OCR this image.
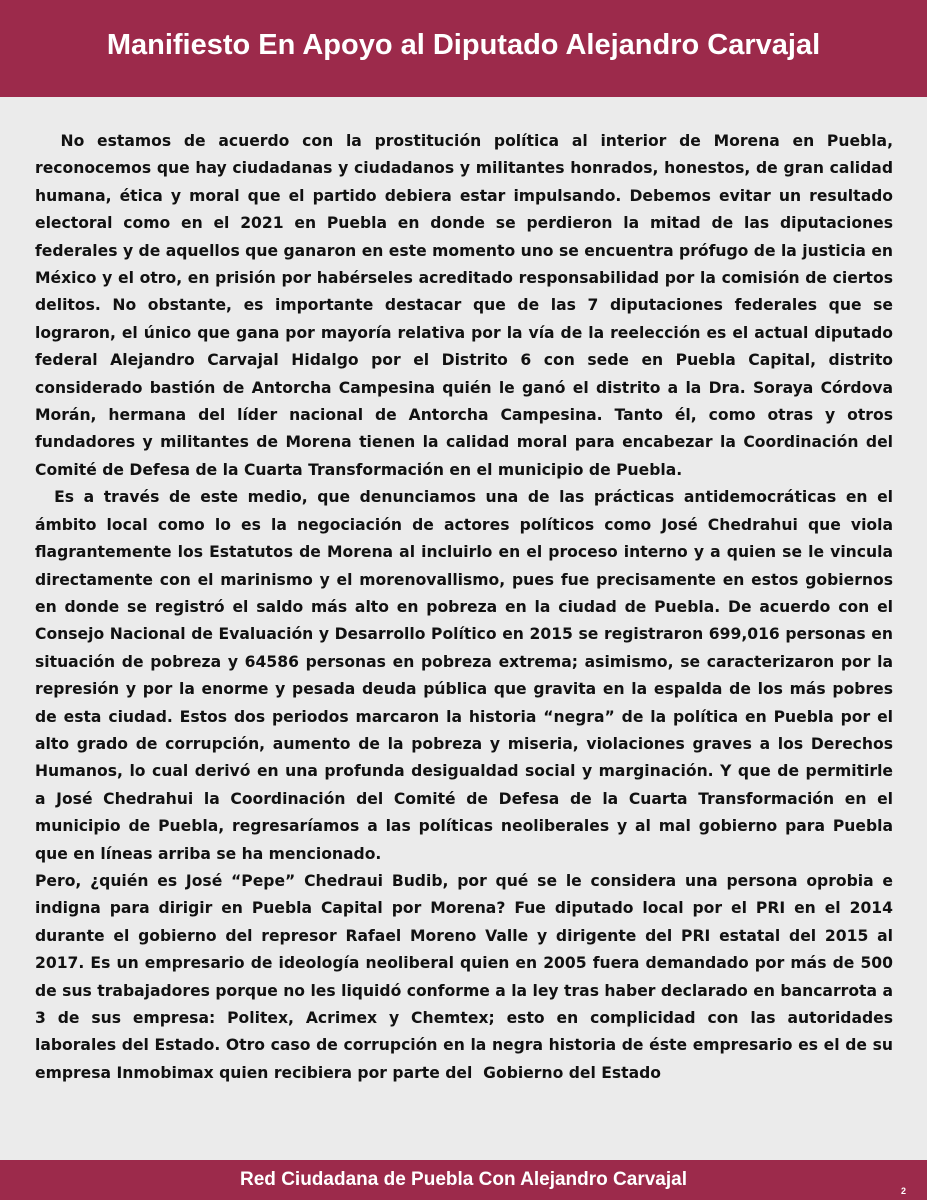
Manifiesto En Apoyo al Diputado Alejandro Carvajal

No estamos de acuerdo con la prostitución política al interior de Morena en Puebla, reconocemos que hay ciudadanas y ciudadanos y militantes honrados, honestos, de gran calidad humana, ética y moral que el partido debiera estar impulsando. Debemos evitar un resultado electoral como en el 2021 en Puebla en donde se perdieron la mitad de las diputaciones federales y de aquellos que ganaron en este momento uno se encuentra prófugo de la justicia en México y el otro, en prisión por habérseles acreditado responsabilidad por la comisión de ciertos delitos. No obstante, es importante destacar que de las 7 diputaciones federales que se lograron, el único que gana por mayoría relativa por la vía de la reelección es el actual diputado federal Alejandro Carvajal Hidalgo por el Distrito 6 con sede en Puebla Capital, distrito considerado bastión de Antorcha Campesina quién le ganó el distrito a la Dra. Soraya Córdova Morán, hermana del líder nacional de Antorcha Campesina. Tanto él, como otras y otros fundadores y militantes de Morena tienen la calidad moral para encabezar la Coordinación del Comité de Defesa de la Cuarta Transformación en el municipio de Puebla.

Es a través de este medio, que denunciamos una de las prácticas antidemocráticas en el ámbito local como lo es la negociación de actores políticos como José Chedrahui que viola flagrantemente los Estatutos de Morena al incluirlo en el proceso interno y a quien se le vincula directamente con el marinismo y el morenovallismo, pues fue precisamente en estos gobiernos en donde se registró el saldo más alto en pobreza en la ciudad de Puebla. De acuerdo con el Consejo Nacional de Evaluación y Desarrollo Político en 2015 se registraron 699,016 personas en situación de pobreza y 64586 personas en pobreza extrema; asimismo, se caracterizaron por la represión y por la enorme y pesada deuda pública que gravita en la espalda de los más pobres de esta ciudad. Estos dos periodos marcaron la historia “negra” de la política en Puebla por el alto grado de corrupción, aumento de la pobreza y miseria, violaciones graves a los Derechos Humanos, lo cual derivó en una profunda desigualdad social y marginación. Y que de permitirle a José Chedrahui la Coordinación del Comité de Defesa de la Cuarta Transformación en el municipio de Puebla, regresaríamos a las políticas neoliberales y al mal gobierno para Puebla que en líneas arriba se ha mencionado.

Pero, ¿quién es José “Pepe” Chedraui Budib, por qué se le considera una persona oprobia e indigna para dirigir en Puebla Capital por Morena? Fue diputado local por el PRI en el 2014 durante el gobierno del represor Rafael Moreno Valle y dirigente del PRI estatal del 2015 al 2017. Es un empresario de ideología neoliberal quien en 2005 fuera demandado por más de 500 de sus trabajadores porque no les liquidó conforme a la ley tras haber declarado en bancarrota a 3 de sus empresa: Politex, Acrimex y Chemtex; esto en complicidad con las autoridades laborales del Estado. Otro caso de corrupción en la negra historia de éste empresario es el de su empresa Inmobimax quien recibiera por parte del  Gobierno del Estado

Red Ciudadana de Puebla Con Alejandro Carvajal
2
